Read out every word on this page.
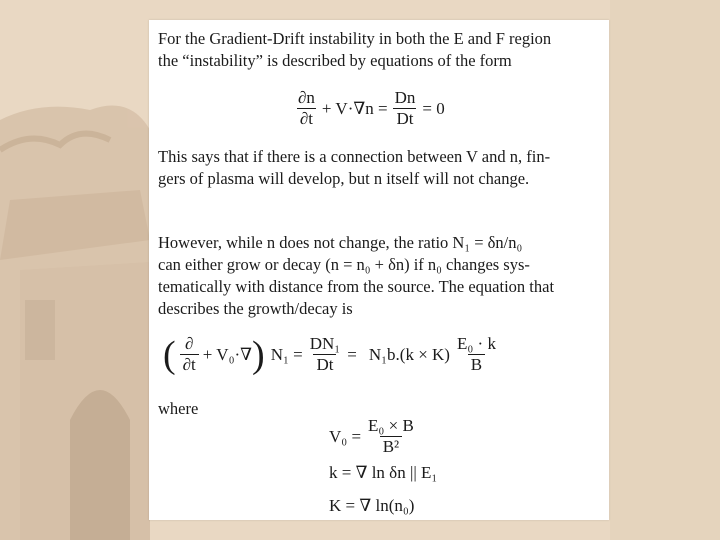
For the Gradient-Drift instability in both the E and F region
the “instability” is described by equations of the form
$\frac{\partial n}{\partial t} + V\cdot\nabla n = \frac{Dn}{Dt} = 0$
This says that if there is a connection between V and n, fin-
gers of plasma will develop, but n itself will not change.
However, while n does not change, the ratio N₁ = δn/n₀
can either grow or decay (n = n₀ + δn) if n₀ changes sys-
tematically with distance from the source. The equation that
describes the growth/decay is
( $\frac{\partial}{\partial t} + V_0\cdot\nabla$ ) $N_1 = \frac{\text{DN₁}}{Dt} = N_1b.(k \times K) \frac{\text{E₀ · k}}{B}$
where
$V_0 = \frac{\text{E₀ × B}}{\text{B²}}$
k = ∇ ln δn || E₁
K = ∇ ln(n₀)
